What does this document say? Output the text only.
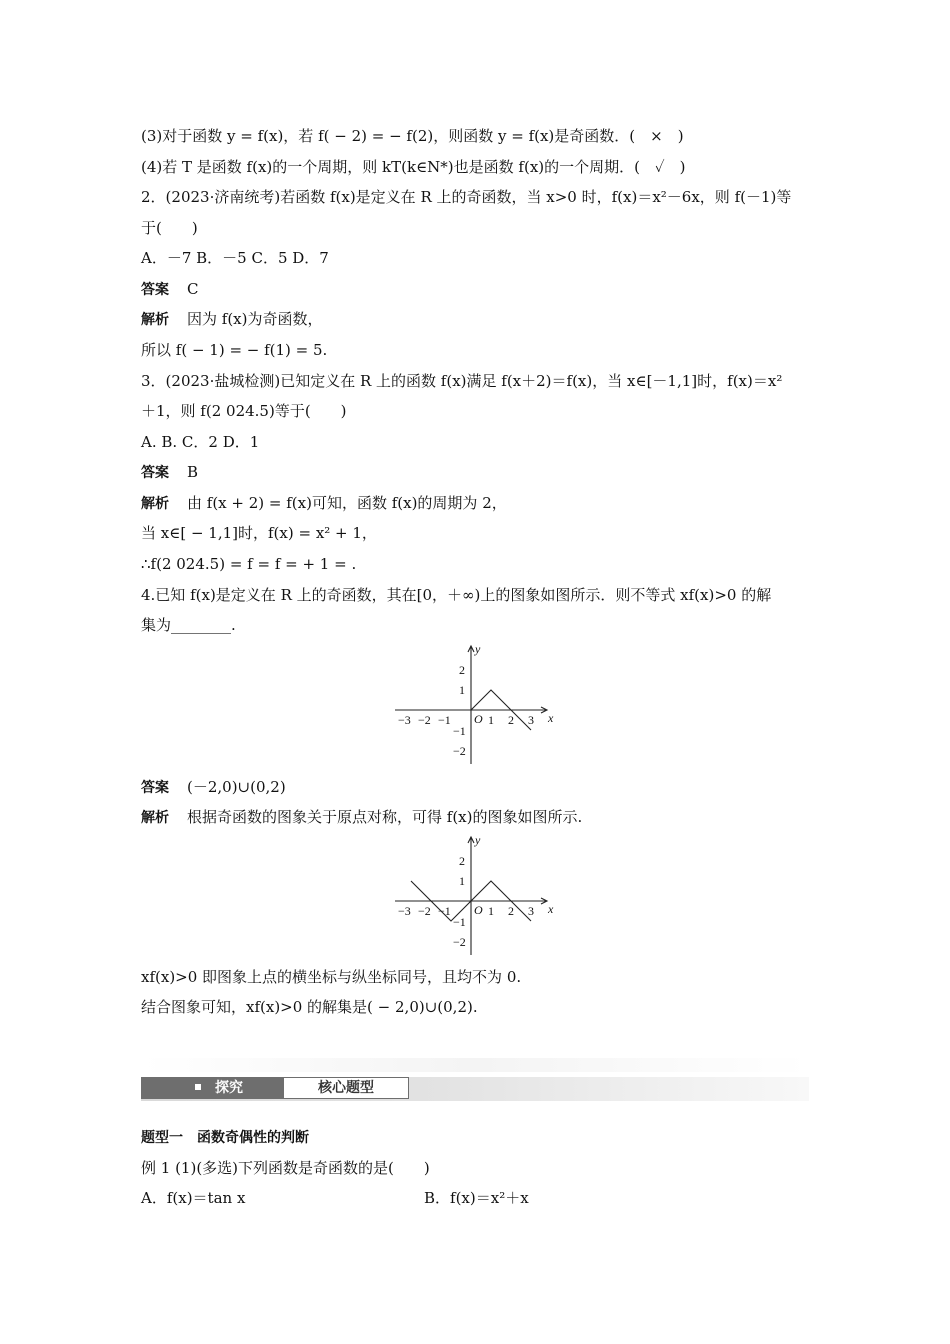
(3)对于函数 y = f(x)，若 f( − 2) = − f(2)，则函数 y = f(x)是奇函数．(　×　)
(4)若 T 是函数 f(x)的一个周期，则 kT(k∈N*)也是函数 f(x)的一个周期．(　✓　)
2．(2023·济南统考)若函数 f(x)是定义在 R 上的奇函数，当 x>0 时，f(x)＝x²－6x，则 f(－1)等
于(　　)
A．－7 B．－5 C．5 D．7
答案 C
解析 因为 f(x)为奇函数，
所以 f( − 1) = − f(1) = 5.
3．(2023·盐城检测)已知定义在 R 上的函数 f(x)满足 f(x＋2)＝f(x)，当 x∈[－1,1]时，f(x)＝x²
＋1，则 f(2 024.5)等于(　　)
A. B. C．2 D．1
答案 B
解析 由 f(x + 2) = f(x)可知，函数 f(x)的周期为 2，
当 x∈[ − 1,1]时，f(x) = x² + 1，
∴f(2 024.5) = f = f = + 1 = .
4.已知 f(x)是定义在 R 上的奇函数，其在[0，＋∞)上的图象如图所示．则不等式 xf(x)>0 的解
集为________.
y
x
O
−3 −2 −1	1 2 3
2
1
−1
−2
答案 (－2,0)∪(0,2)
解析 根据奇函数的图象关于原点对称，可得 f(x)的图象如图所示.
y
x
O
−3 −2 −1	1 2 3
2
1
−1
−2
xf(x)>0 即图象上点的横坐标与纵坐标同号，且均不为 0.
结合图象可知，xf(x)>0 的解集是( − 2,0)∪(0,2).
探究	核心题型
题型一　函数奇偶性的判断
例 1 (1)(多选)下列函数是奇函数的是(　　)
A．f(x)＝tan x	B．f(x)＝x²＋x
